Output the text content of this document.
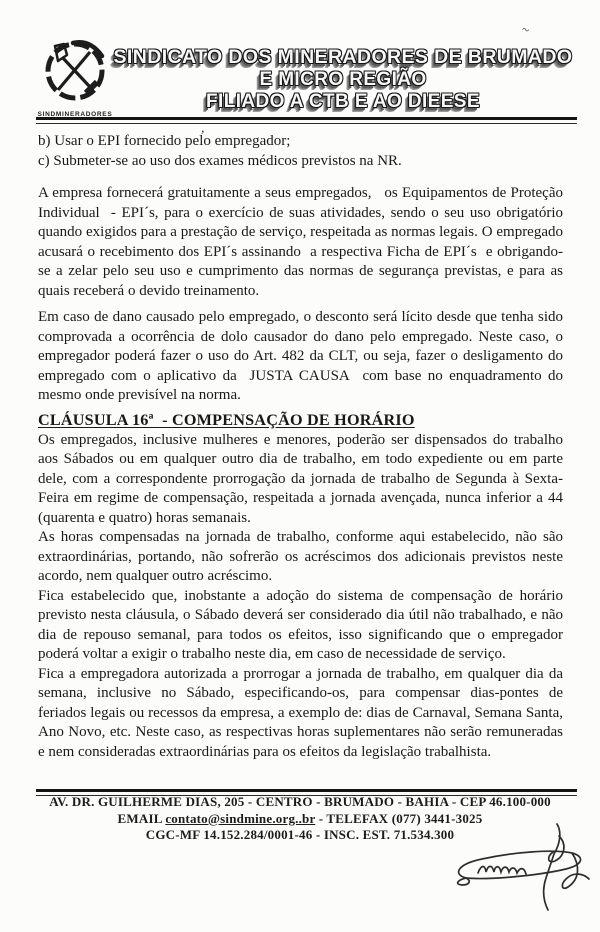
SINDMINERADORES
SINDICATO DOS MINERADORES DE BRUMADO
E MICRO REGIÃO
FILIADO A CTB E AO DIEESE
,
~
b) Usar o EPI fornecido pelo empregador;
c) Submeter-se ao uso dos exames médicos previstos na NR.

A empresa fornecerá gratuitamente a seus empregados,   os Equipamentos de Proteção Individual  - EPI´s, para o exercício de suas atividades, sendo o seu uso obrigatório quando exigidos para a prestação de serviço, respeitada as normas legais. O empregado acusará o recebimento dos EPI´s assinando  a respectiva Ficha de EPI´s  e obrigando-se a zelar pelo seu uso e cumprimento das normas de segurança previstas, e para as quais receberá o devido treinamento.

Em caso de dano causado pelo empregado, o desconto será lícito desde que tenha sido comprovada a ocorrência de dolo causador do dano pelo empregado. Neste caso, o empregador poderá fazer o uso do Art. 482 da CLT, ou seja, fazer o desligamento do empregado com o aplicativo da  JUSTA CAUSA  com base no enquadramento do mesmo onde previsível na norma.

CLÁUSULA 16ª  - COMPENSAÇÃO DE HORÁRIO

Os empregados, inclusive mulheres e menores, poderão ser dispensados do trabalho aos Sábados ou em qualquer outro dia de trabalho, em todo expediente ou em parte dele, com a correspondente prorrogação da jornada de trabalho de Segunda à Sexta-Feira em regime de compensação, respeitada a jornada avençada, nunca inferior a 44 (quarenta e quatro) horas semanais.

As horas compensadas na jornada de trabalho, conforme aqui estabelecido, não são extraordinárias, portando, não sofrerão os acréscimos dos adicionais previstos neste acordo, nem qualquer outro acréscimo.

Fica estabelecido que, inobstante a adoção do sistema de compensação de horário previsto nesta cláusula, o Sábado deverá ser considerado dia útil não trabalhado, e não dia de repouso semanal, para todos os efeitos, isso significando que o empregador poderá voltar a exigir o trabalho neste dia, em caso de necessidade de serviço.

Fica a empregadora autorizada a prorrogar a jornada de trabalho, em qualquer dia da semana, inclusive no Sábado, especificando-os, para compensar dias-pontes de feriados legais ou recessos da empresa, a exemplo de: dias de Carnaval, Semana Santa, Ano Novo, etc. Neste caso, as respectivas horas suplementares não serão remuneradas e nem consideradas extraordinárias para os efeitos da legislação trabalhista.

AV. DR. GUILHERME DIAS, 205 - CENTRO - BRUMADO - BAHIA - CEP 46.100-000
EMAIL contato@sindmine.org..br - TELEFAX (077) 3441-3025
CGC-MF 14.152.284/0001-46 - INSC. EST. 71.534.300
